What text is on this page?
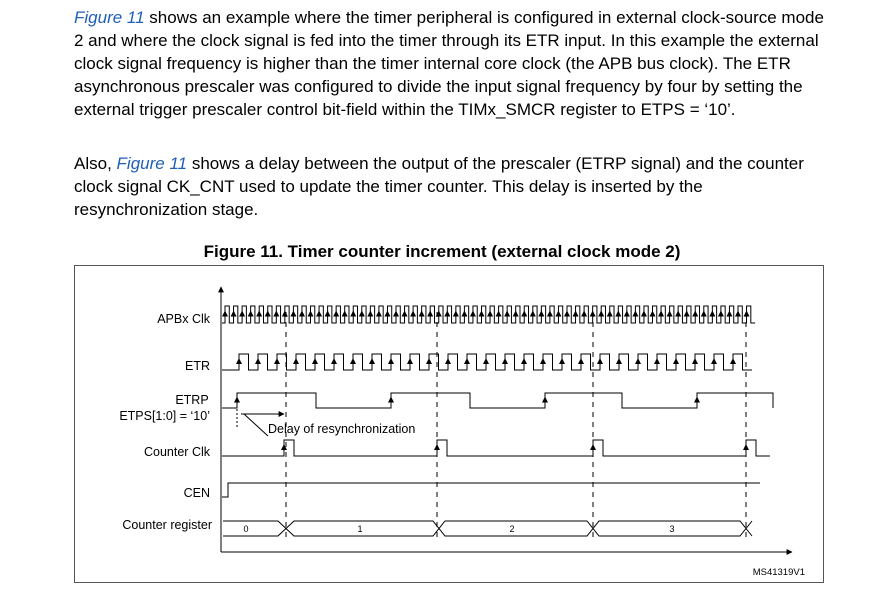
Figure 11 shows an example where the timer peripheral is configured in external clock-source mode 2 and where the clock signal is fed into the timer through its ETR input. In this example the external clock signal frequency is higher than the timer internal core clock (the APB bus clock). The ETR asynchronous prescaler was configured to divide the input signal frequency by four by setting the external trigger prescaler control bit-field within the TIMx_SMCR register to ETPS = ‘10’.

Also, Figure 11 shows a delay between the output of the prescaler (ETRP signal) and the counter clock signal CK_CNT used to update the timer counter. This delay is inserted by the resynchronization stage.

Figure 11. Timer counter increment (external clock mode 2)

APBx Clk
ETR
ETRP
ETPS[1:0] = ‘10’
Counter Clk
CEN
Counter register	0	1	2	3
Delay of resynchronization
MS41319V1
